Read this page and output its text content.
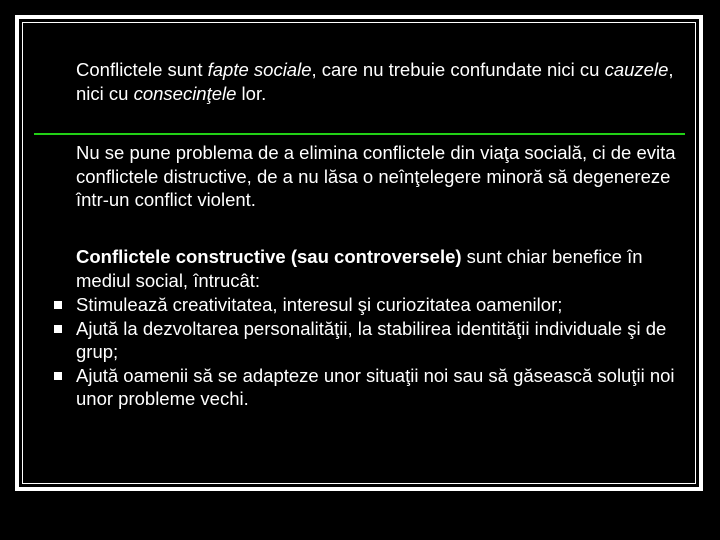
Conflictele sunt fapte sociale, care nu trebuie confundate nici cu cauzele, nici cu consecinţele lor.

Nu se pune problema de a elimina conflictele din viaţa socială, ci de evita conflictele distructive, de a nu lăsa o neînţelegere minoră să degenereze într-un conflict violent.

Conflictele constructive (sau controversele) sunt chiar benefice în mediul social, întrucât:

Stimulează creativitatea, interesul şi curiozitatea oamenilor;
Ajută la dezvoltarea personalităţii, la stabilirea identităţii individuale şi de grup;
Ajută oamenii să se adapteze unor situaţii noi sau să găsească soluţii noi unor probleme vechi.
